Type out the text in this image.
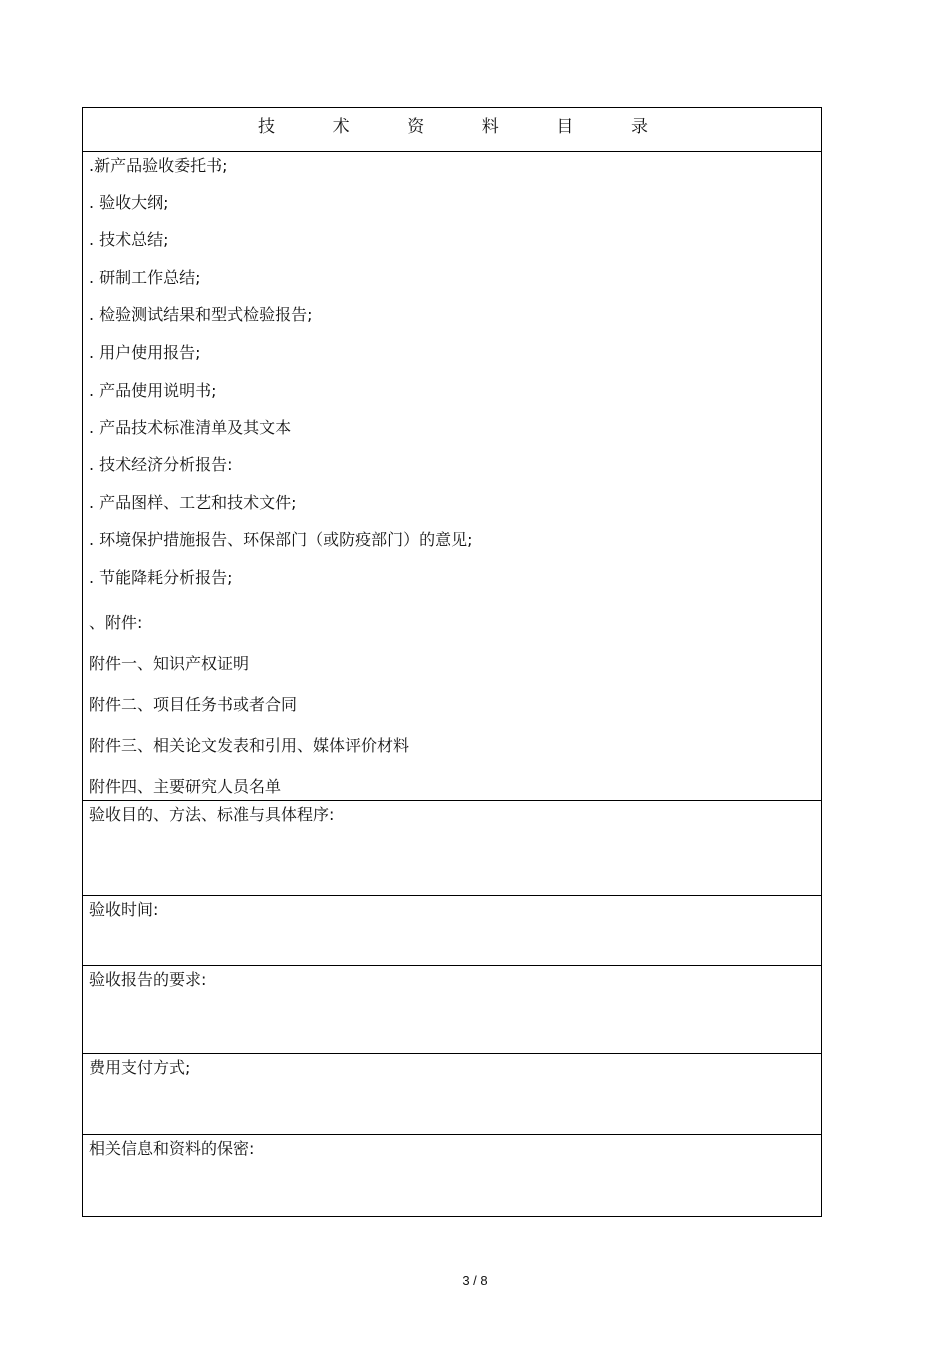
技	术	资	料	目	录
.新产品验收委托书;
. 验收大纲;
. 技术总结;
. 研制工作总结;
. 检验测试结果和型式检验报告;
. 用户使用报告;
. 产品使用说明书;
. 产品技术标准清单及其文本
. 技术经济分析报告:
. 产品图样、工艺和技术文件;
. 环境保护措施报告、环保部门（或防疫部门）的意见;
. 节能降耗分析报告;
、附件:
附件一、知识产权证明
附件二、项目任务书或者合同
附件三、相关论文发表和引用、媒体评价材料
附件四、主要研究人员名单
验收目的、方法、标准与具体程序:
验收时间:
验收报告的要求:
费用支付方式;
相关信息和资料的保密:
3 / 8
